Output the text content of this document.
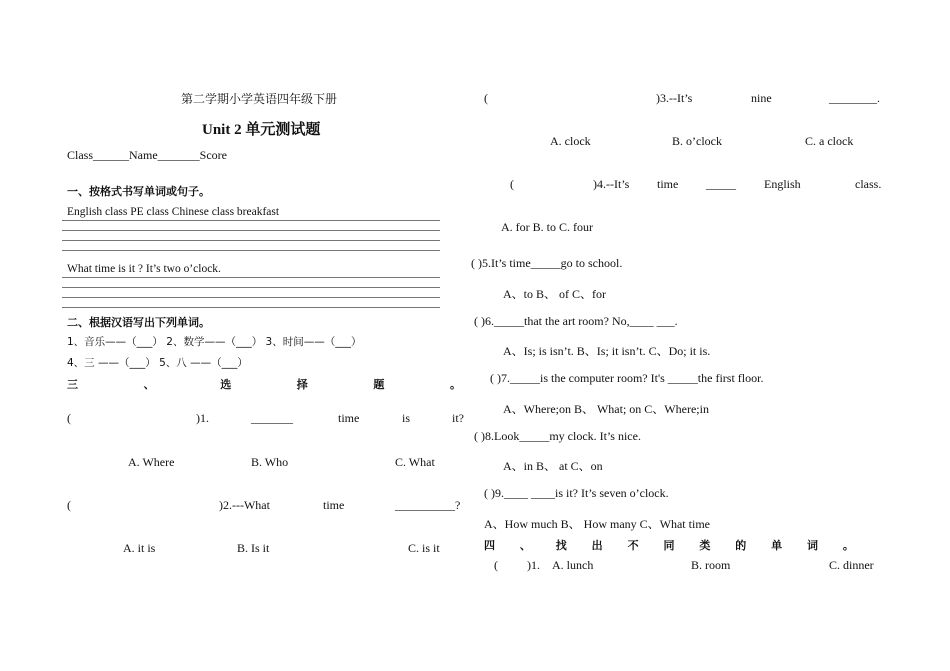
第二学期小学英语四年级下册
Unit 2 单元测试题
Class______Name_______Score
一、按格式书写单词或句子。
English class PE class Chinese class breakfast
What time is it ? It’s two o’clock.
二、根据汉语写出下列单词。
1、音乐——（___） 2、数学——（___） 3、时间——（___）
4、三 ——（___） 5、八 ——（___）
三	、	选	择	题	。
(	)1.	_______	time	is	it?
A. Where	B. Who	C. What
(	)2.---What	time	__________?
A. it is	B. Is it	C. is it
(	)3.--It’s	nine	________.
A. clock	B. o’clock	C. a clock
(	)4.--It’s time _____ English	class.
A. for B. to C. four
( )5.It’s time_____go to school.
A、to B、 of C、for
( )6._____that the art room? No,____ ___.
A、Is; is isn’t. B、Is; it isn’t. C、Do; it is.
( )7._____is the computer room? It's _____the first floor.
A、Where;on B、 What; on C、Where;in
( )8.Look_____my clock. It’s nice.
A、in B、 at C、on
( )9.____ ____is it? It’s seven o’clock.
A、How much B、 How many C、What time
四 、 找 出 不 同 类 的 单 词 。
( )1. A. lunch	B. room	C. dinner
